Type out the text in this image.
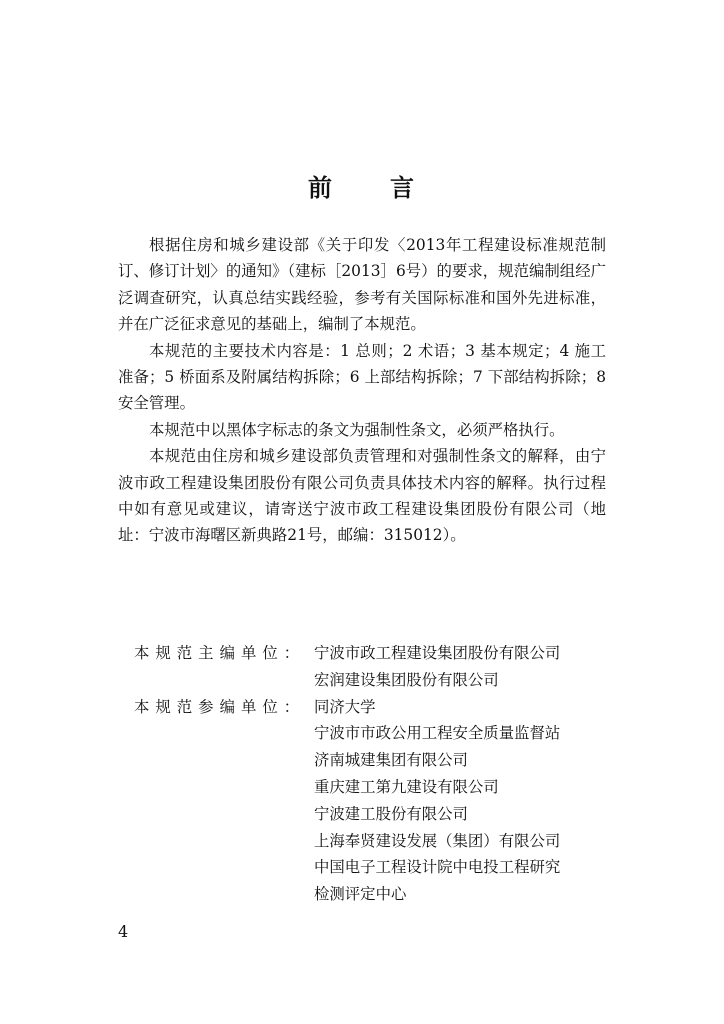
前 言

根据住房和城乡建设部《关于印发〈2013年工程建设标准规范制订、修订计划〉的通知》（建标［2013］6号）的要求，规范编制组经广泛调查研究，认真总结实践经验，参考有关国际标准和国外先进标准，并在广泛征求意见的基础上，编制了本规范。

本规范的主要技术内容是：1 总则；2 术语；3 基本规定；4 施工准备；5 桥面系及附属结构拆除；6 上部结构拆除；7 下部结构拆除；8 安全管理。

本规范中以黑体字标志的条文为强制性条文，必须严格执行。

本规范由住房和城乡建设部负责管理和对强制性条文的解释，由宁波市政工程建设集团股份有限公司负责具体技术内容的解释。执行过程中如有意见或建议，请寄送宁波市政工程建设集团股份有限公司（地址：宁波市海曙区新典路21号，邮编：315012）。

本规范主编单位： 宁波市政工程建设集团股份有限公司
宏润建设集团股份有限公司
本规范参编单位： 同济大学
宁波市市政公用工程安全质量监督站
济南城建集团有限公司
重庆建工第九建设有限公司
宁波建工股份有限公司
上海奉贤建设发展（集团）有限公司
中国电子工程设计院中电投工程研究
检测评定中心
4
